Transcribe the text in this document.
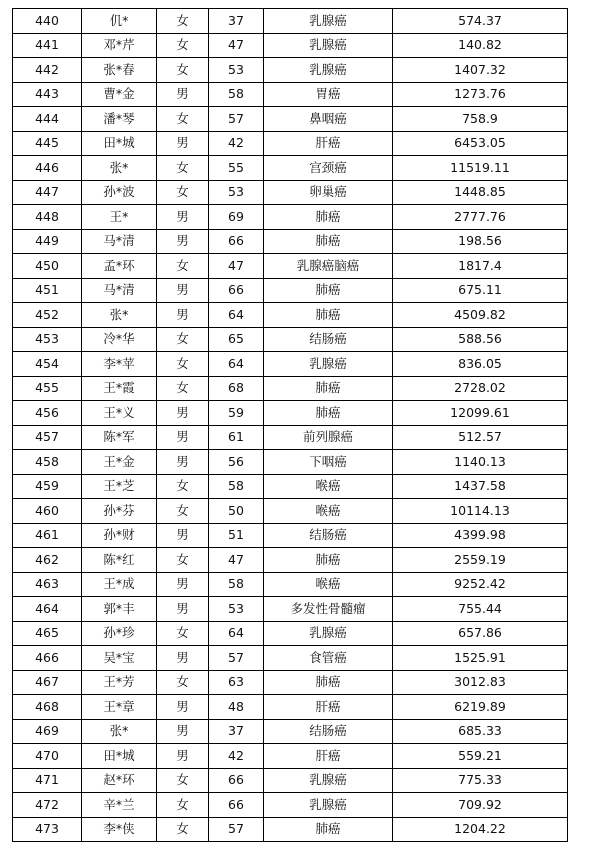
440	仉*	女	37	乳腺癌	574.37
441	邓*芹	女	47	乳腺癌	140.82
442	张*春	女	53	乳腺癌	1407.32
443	曹*金	男	58	胃癌	1273.76
444	潘*琴	女	57	鼻咽癌	758.9
445	田*城	男	42	肝癌	6453.05
446	张*	女	55	宫颈癌	11519.11
447	孙*波	女	53	卵巢癌	1448.85
448	王*	男	69	肺癌	2777.76
449	马*清	男	66	肺癌	198.56
450	孟*环	女	47	乳腺癌脑癌	1817.4
451	马*清	男	66	肺癌	675.11
452	张*	男	64	肺癌	4509.82
453	冷*华	女	65	结肠癌	588.56
454	李*苹	女	64	乳腺癌	836.05
455	王*霞	女	68	肺癌	2728.02
456	王*义	男	59	肺癌	12099.61
457	陈*军	男	61	前列腺癌	512.57
458	王*金	男	56	下咽癌	1140.13
459	王*芝	女	58	喉癌	1437.58
460	孙*芬	女	50	喉癌	10114.13
461	孙*财	男	51	结肠癌	4399.98
462	陈*红	女	47	肺癌	2559.19
463	王*成	男	58	喉癌	9252.42
464	郭*丰	男	53	多发性骨髓瘤	755.44
465	孙*珍	女	64	乳腺癌	657.86
466	吴*宝	男	57	食管癌	1525.91
467	王*芳	女	63	肺癌	3012.83
468	王*章	男	48	肝癌	6219.89
469	张*	男	37	结肠癌	685.33
470	田*城	男	42	肝癌	559.21
471	赵*环	女	66	乳腺癌	775.33
472	辛*兰	女	66	乳腺癌	709.92
473	李*侠	女	57	肺癌	1204.22
